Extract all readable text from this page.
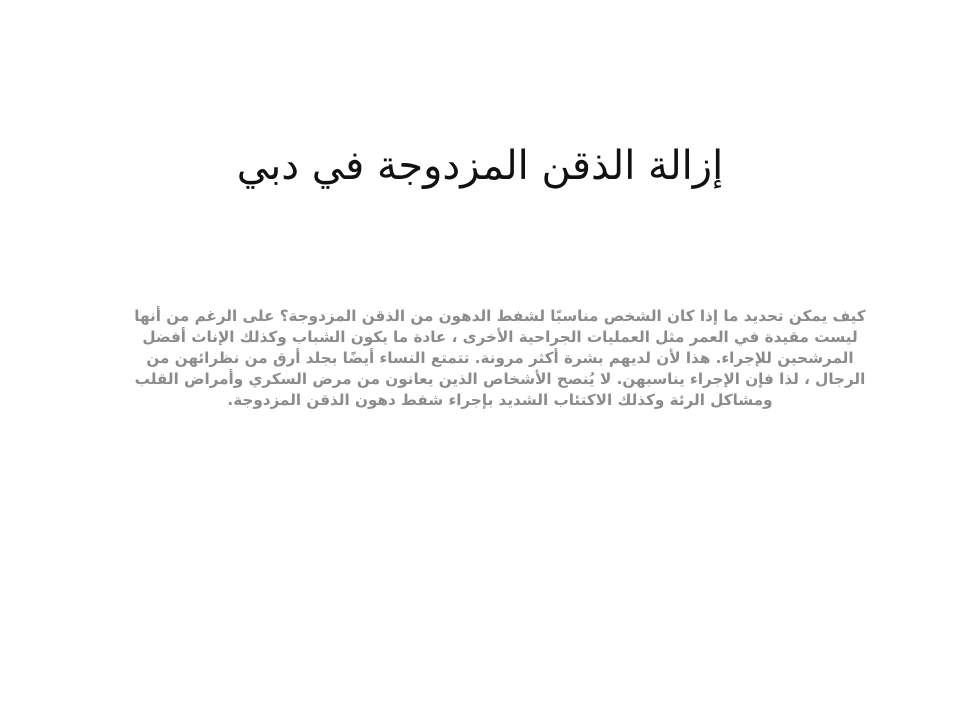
إزالة الذقن المزدوجة في دبي

كيف يمكن تحديد ما إذا كان الشخص مناسبًا لشفط الدهون من الذقن المزدوجة؟ على الرغم من أنها ليست مقيدة في العمر مثل العمليات الجراحية الأخرى ، عادة ما يكون الشباب وكذلك الإناث أفضل المرشحين للإجراء. هذا لأن لديهم بشرة أكثر مرونة. تتمتع النساء أيضًا بجلد أرق من نظرائهن من الرجال ، لذا فإن الإجراء يناسبهن. لا يُنصح الأشخاص الذين يعانون من مرض السكري وأمراض القلب ومشاكل الرئة وكذلك الاكتئاب الشديد بإجراء شفط دهون الذقن المزدوجة.
